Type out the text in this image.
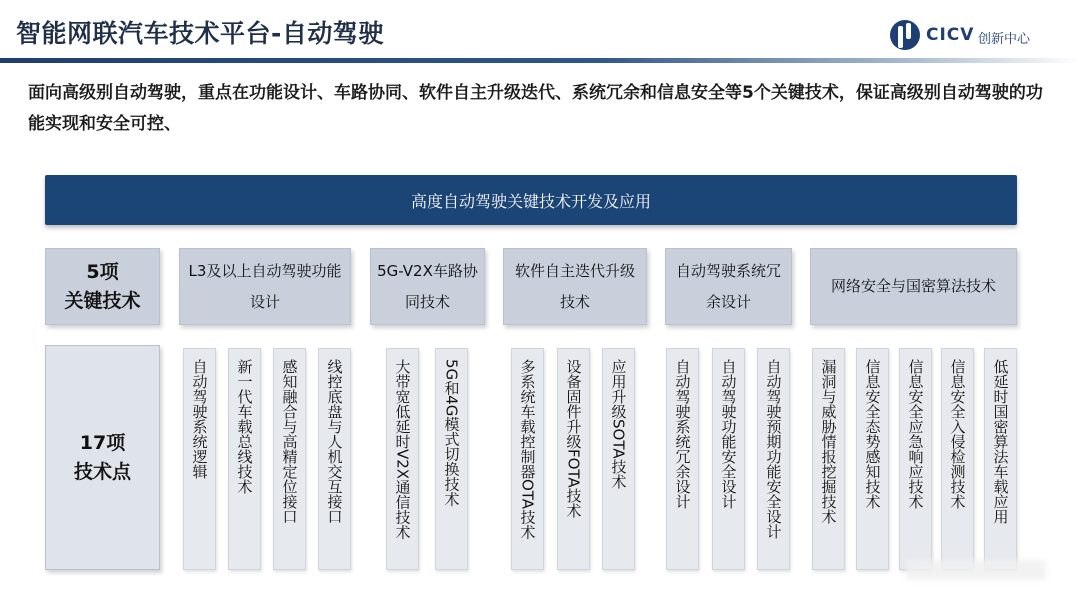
智能网联汽车技术平台-自动驾驶	CICV 创新中心
面向高级别自动驾驶，重点在功能设计、车路协同、软件自主升级迭代、系统冗余和信息安全等5个关键技术，保证高级别自动驾驶的功能实现和安全可控、
高度自动驾驶关键技术开发及应用
5项
关键技术
17项
技术点
L3及以上自动驾驶功能设计
5G-V2X车路协同技术
软件自主迭代升级技术
自动驾驶系统冗余设计
网络安全与国密算法技术
自动驾驶系统逻辑 新一代车载总线技术 感知融合与高精定位接口 线控底盘与人机交互接口	大带宽低延时V2X通信技术 5G和4G模式切换技术	多系统车载控制器OTA技术 设备固件升级FOTA技术 应用升级SOTA技术	自动驾驶系统冗余设计 自动驾驶功能安全设计 自动驾驶预期功能安全设计 漏洞与威胁情报挖掘技术 信息安全态势感知技术 信息安全应急响应技术 信息安全入侵检测技术 低延时国密算法车载应用
